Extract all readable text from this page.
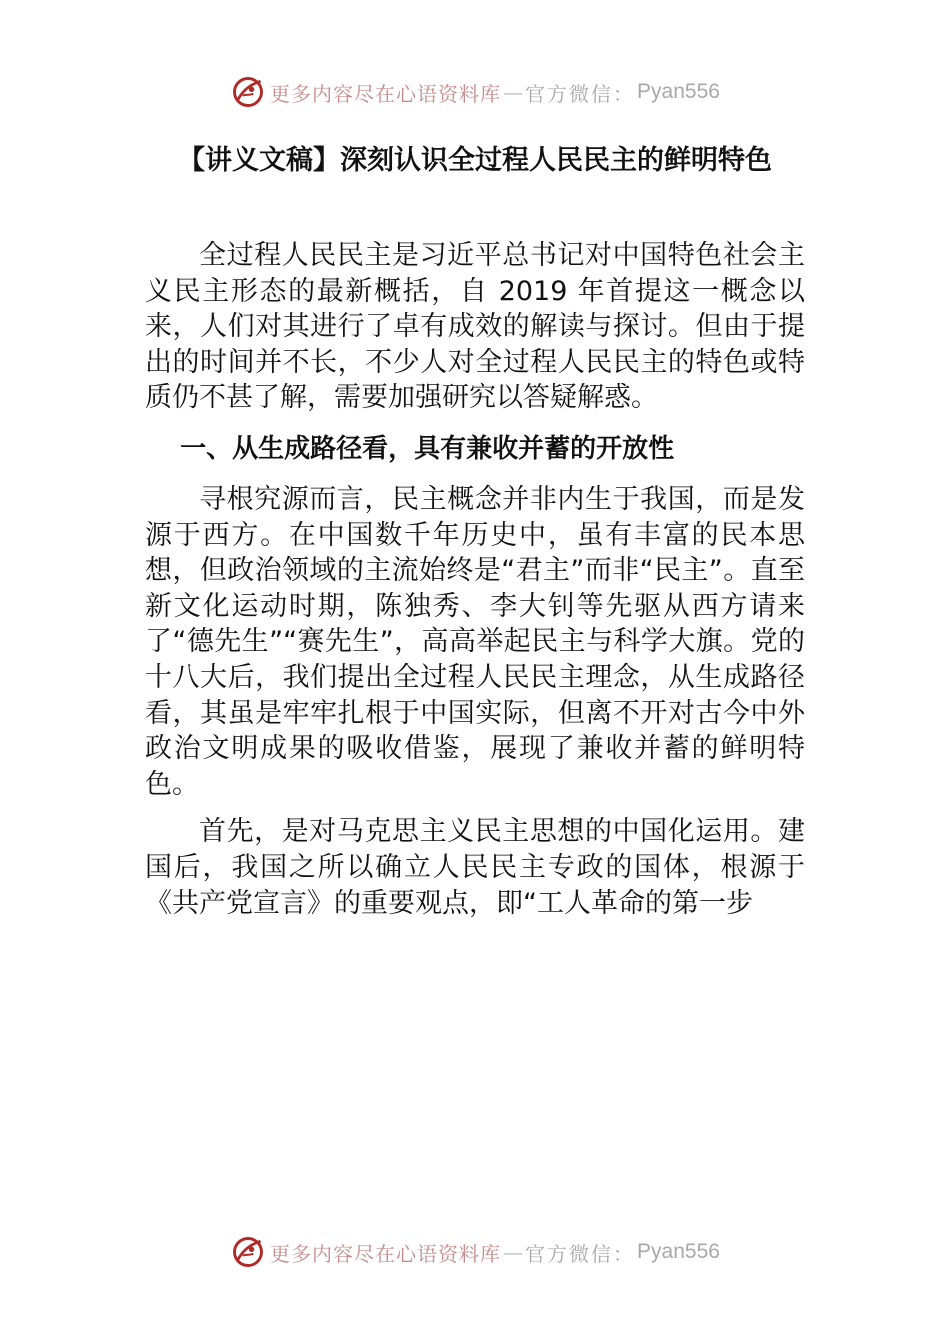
更多内容尽在心语资料库 — 官方微信： Pyan556
【讲义文稿】深刻认识全过程人民民主的鲜明特色

全过程人民民主是习近平总书记对中国特色社会主义民主形态的最新概括，自 2019 年首提这一概念以来，人们对其进行了卓有成效的解读与探讨。但由于提出的时间并不长，不少人对全过程人民民主的特色或特质仍不甚了解，需要加强研究以答疑解惑。

一、从生成路径看，具有兼收并蓄的开放性

寻根究源而言，民主概念并非内生于我国，而是发源于西方。在中国数千年历史中，虽有丰富的民本思想，但政治领域的主流始终是“君主”而非“民主”。直至新文化运动时期，陈独秀、李大钊等先驱从西方请来了“德先生”“赛先生”，高高举起民主与科学大旗。党的十八大后，我们提出全过程人民民主理念，从生成路径看，其虽是牢牢扎根于中国实际，但离不开对古今中外政治文明成果的吸收借鉴，展现了兼收并蓄的鲜明特色。

首先，是对马克思主义民主思想的中国化运用。建国后，我国之所以确立人民民主专政的国体，根源于《共产党宣言》的重要观点，即“工人革命的第一步

更多内容尽在心语资料库 — 官方微信： Pyan556
